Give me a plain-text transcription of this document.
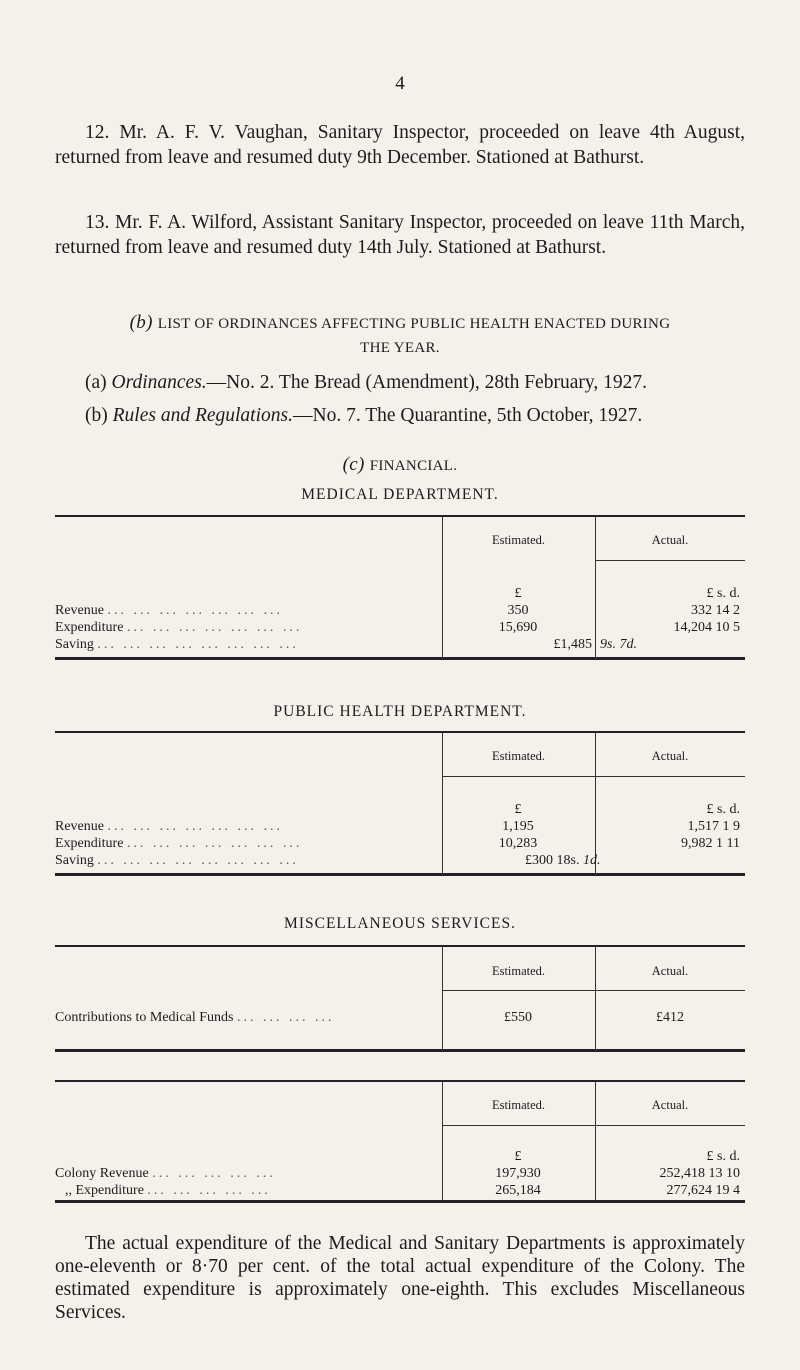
4
12. Mr. A. F. V. Vaughan, Sanitary Inspector, proceeded on leave 4th August, returned from leave and resumed duty 9th December. Stationed at Bathurst.
13. Mr. F. A. Wilford, Assistant Sanitary Inspector, proceeded on leave 11th March, returned from leave and resumed duty 14th July. Stationed at Bathurst.
(b) LIST OF ORDINANCES AFFECTING PUBLIC HEALTH ENACTED DURING
THE YEAR.
(a) Ordinances.—No. 2. The Bread (Amendment), 28th February, 1927.
(b) Rules and Regulations.—No. 7. The Quarantine, 5th October, 1927.
(c) FINANCIAL.
MEDICAL DEPARTMENT.
Estimated.	Actual.
£	£ s. d.
Revenue ... ... ... ... ... ... ...	350	332 14 2
Expenditure ... ... ... ... ... ... ...	15,690	14,204 10 5
Saving ... ... ... ... ... ... ... ...	£1,485 9s. 7d.
PUBLIC HEALTH DEPARTMENT.
Estimated.	Actual.
£	£ s. d.
Revenue ... ... ... ... ... ... ...	1,195	1,517 1 9
Expenditure ... ... ... ... ... ... ...	10,283	9,982 1 11
Saving ... ... ... ... ... ... ... ...	£300 18s. 1d.
MISCELLANEOUS SERVICES.
Estimated.	Actual.
Contributions to Medical Funds ... ... ... ...	£550	£412
Estimated.	Actual.
£	£ s. d.
Colony Revenue ... ... ... ... ...	197,930	252,418 13 10
,, Expenditure ... ... ... ... ...	265,184	277,624 19 4
The actual expenditure of the Medical and Sanitary Departments is approximately one-eleventh or 8·70 per cent. of the total actual expenditure of the Colony. The estimated expenditure is approximately one-eighth. This excludes Miscellaneous Services.
